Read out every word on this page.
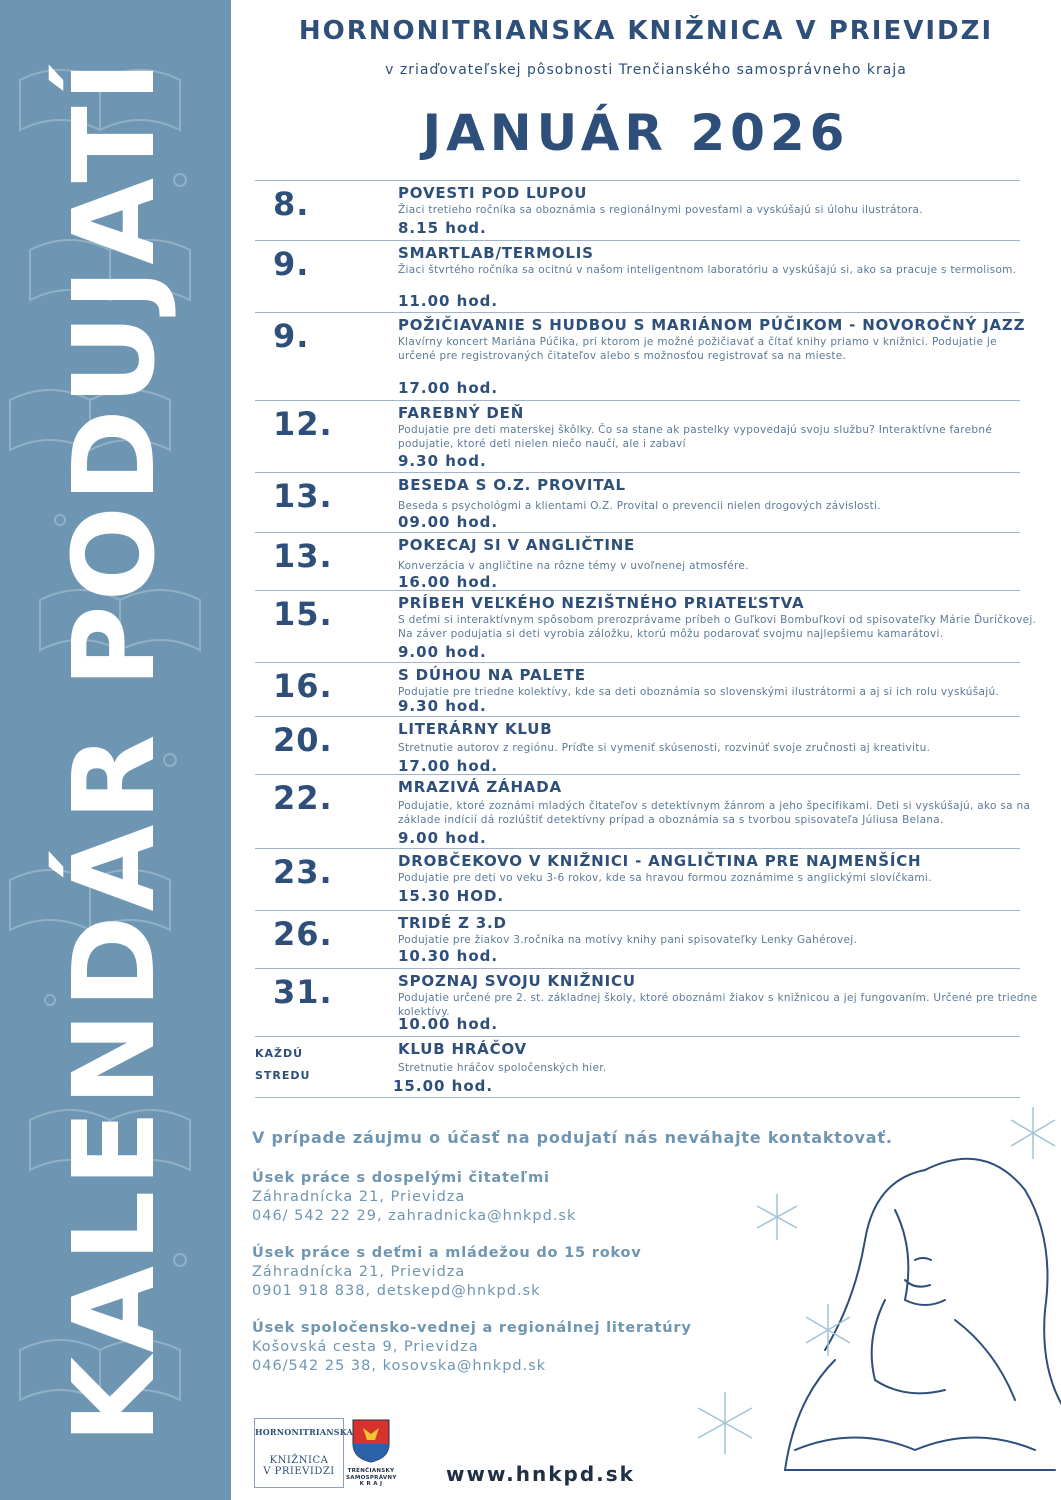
KALENDÁR PODUJATÍ
HORNONITRIANSKA KNIŽNICA V PRIEVIDZI
v zriaďovateľskej pôsobnosti Trenčianského samosprávneho kraja
JANUÁR 2026
8.	POVESTI POD LUPOU
Žiaci tretieho ročníka sa oboznámia s regionálnymi povesťami a vyskúšajú si úlohu ilustrátora.
8.15 hod.
9.	SMARTLAB/TERMOLIS
Žiaci štvrtého ročníka sa ocitnú v našom inteligentnom laboratóriu a vyskúšajú si, ako sa pracuje s termolisom.
11.00 hod.
9.	POŽIČIAVANIE S HUDBOU S MARIÁNOM PÚČIKOM - NOVOROČNÝ JAZZ
Klavírny koncert Mariána Púčika, pri ktorom je možné požičiavať a čítať knihy priamo v knižnici. Podujatie je určené pre registrovaných čitateľov alebo s možnosťou registrovať sa na mieste.
17.00 hod.
12.	FAREBNÝ DEŇ
Podujatie pre deti materskej škôlky. Čo sa stane ak pastelky vypovedajú svoju službu? Interaktívne farebné podujatie, ktoré deti nielen niečo naučí, ale i zabaví
9.30 hod.
13.	BESEDA S O.Z. PROVITAL
Beseda s psychológmi a klientami O.Z. Provital o prevencii nielen drogových závislosti.
09.00 hod.
13.	POKECAJ SI V ANGLIČTINE
Konverzácia v angličtine na rôzne témy v uvoľnenej atmosfére.
16.00 hod.
15.	PRÍBEH VEĽKÉHO NEZIŠTNÉHO PRIATEĽSTVA
S deťmi si interaktívnym spôsobom prerozprávame príbeh o Guľkovi Bombuľkovi od spisovateľky Márie Ďuríčkovej. Na záver podujatia si deti vyrobia záložku, ktorú môžu podarovať svojmu najlepšiemu kamarátovi.
9.00 hod.
16.	S DÚHOU NA PALETE
Podujatie pre triedne kolektívy, kde sa deti oboznámia so slovenskými ilustrátormi a aj si ich rolu vyskúšajú.
9.30 hod.
20.	LITERÁRNY KLUB
Stretnutie autorov z regiónu. Príďte si vymeniť skúsenosti, rozvinúť svoje zručnosti aj kreativitu.
17.00 hod.
22.	MRAZIVÁ ZÁHADA
Podujatie, ktoré zoznámi mladých čitateľov s detektívnym žánrom a jeho špecifikami. Deti si vyskúšajú, ako sa na základe indícií dá rozlúštiť detektívny prípad a oboznámia sa s tvorbou spisovateľa Júliusa Belana.
9.00 hod.
23.	DROBČEKOVO V KNIŽNICI - ANGLIČTINA PRE NAJMENŠÍCH
Podujatie pre deti vo veku 3-6 rokov, kde sa hravou formou zoznámime s anglickými slovíčkami.
15.30 HOD.
26.	TRIDÉ Z 3.D
Podujatie pre žiakov 3.ročníka na motívy knihy pani spisovateľky Lenky Gahérovej.
10.30 hod.
31.	SPOZNAJ SVOJU KNIŽNICU
Podujatie určené pre 2. st. základnej školy, ktoré oboznámi žiakov s knižnicou a jej fungovaním. Určené pre triedne kolektívy.
10.00 hod.
KAŽDÚ STREDU
KLUB HRÁČOV
Stretnutie hráčov spoločenských hier.
15.00 hod.
V prípade záujmu o účasť na podujatí nás neváhajte kontaktovať.
Úsek práce s dospelými čitateľmi
Záhradnícka 21, Prievidza
046/ 542 22 29, zahradnicka@hnkpd.sk
Úsek práce s deťmi a mládežou do 15 rokov
Záhradnícka 21, Prievidza
0901 918 838, detskepd@hnkpd.sk
Úsek spoločensko-vednej a regionálnej literatúry
Košovská cesta 9, Prievidza
046/542 25 38, kosovska@hnkpd.sk
HORNONITRIANSKA
KNIŽNICA
V PRIEVIDZI	TRENČIANSKY
SAMOSPRÁVNY
K R A J	www.hnkpd.sk
